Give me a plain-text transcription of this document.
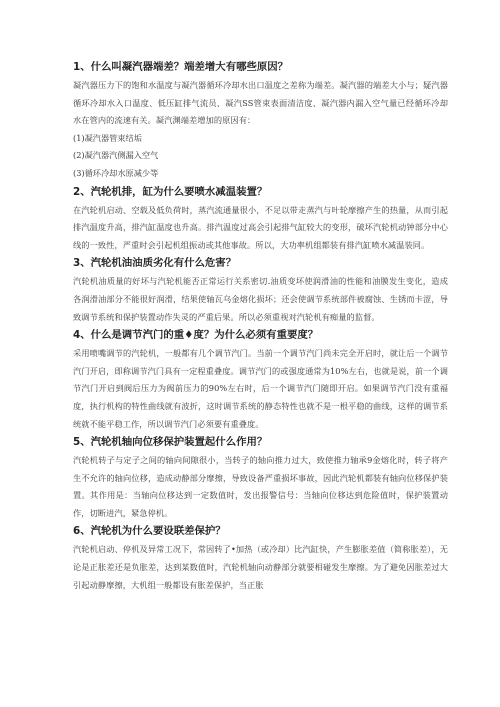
1、什么叫凝汽器端差？端差增大有哪些原因？

凝汽器压力下的饱和水温度与凝汽器循环冷却水出口温度之差称为端差。凝汽器的端差大小与；疑汽器循环冷却水入口温度、低压缸排气流员、凝汽SS管束表面清洁度、凝汽器内漏入空气量已经循环冷却水在管内的流速有关。凝汽渊端差增加的原因有：

(1)凝汽器管束结垢

(2)凝汽器汽侧漏入空气

(3)循环冷却水原减少等

2、汽轮机排，缸为什么要喷水减温装置？

在汽轮机启动、空载及低负荷时，蒸汽流通量很小，不足以带走蒸汽与叶轮摩擦产生的热量，从而引起排汽温度升高，排汽缸温度也升高。排汽温度过高会引起排气缸较大的变形，破坏汽轮机动钟部分中心线的一致性，严重时会引起机组振动或其他事故。所以，大功率机组都装有排汽缸喷水减温装同。

3、汽轮机油油质劣化有什么危害？

汽轮机油质量的好坏与汽轮机能否正常运行关系密切.油质变坏使润滑油的性能和油膜发生变化，造成各润滑油部分不能很好润滑，结果使轴瓦乌金熔化损坏；还会使调节系统部件被腐蚀、生锈而卡涩，导致调节系统和保护装置动作失灵的严重后果。所以必须重视对汽轮机有痴量的监督。

4、什么是调节汽门的重♦度？为什么必须有重要度？

采用喷嘴调节的汽轮机，一般都有几个调节汽门。当前一个调节汽门尚未完全开启时，就让后一个调节汽门开启，即称调节汽门具有一定程重叠度。调节汽门的或强度通常为10%左右，也就是说，前一个调节汽门开启到阀后压力为阀前压力的90%左右时，后一个调节汽门随即开启。如果调节汽门没有重福度，执行机构的特性曲线就有波折，这时调节系统的静态特性也就不是一根平稳的曲线，这样的调节系统就不能平稳工作，所以调节汽门必须要有重叠度。

5、汽轮机轴向位移保护装置起什么作用？

汽轮机转子与定子之间的轴向间隙很小，当转子的轴向推力过大，致使推力轴承9金熔化时，转子将产生不允许的轴向位移，造成动静部分摩擦，导致设备严重损坏事故，因此汽轮机都装有轴向位移保护装置。其作用是：当轴向位移达到一定数值时，发出报警信号：当轴向位移达到危险值时，保护装置动作，切断进汽，紧急停机。

6、汽轮机为什么要设联差保护？

汽轮机启动、停机及异常工况下，常因转了•加热（或冷却）比汽缸快，产生膨胀差值（简称胀差），无论是正胀差还是负胀差，达到某数值时，汽轮机轴向动静部分就要相碰发生摩擦。为了避免因胀差过大引起动静摩擦，大机组一般都设有胀差保护，当正胀
